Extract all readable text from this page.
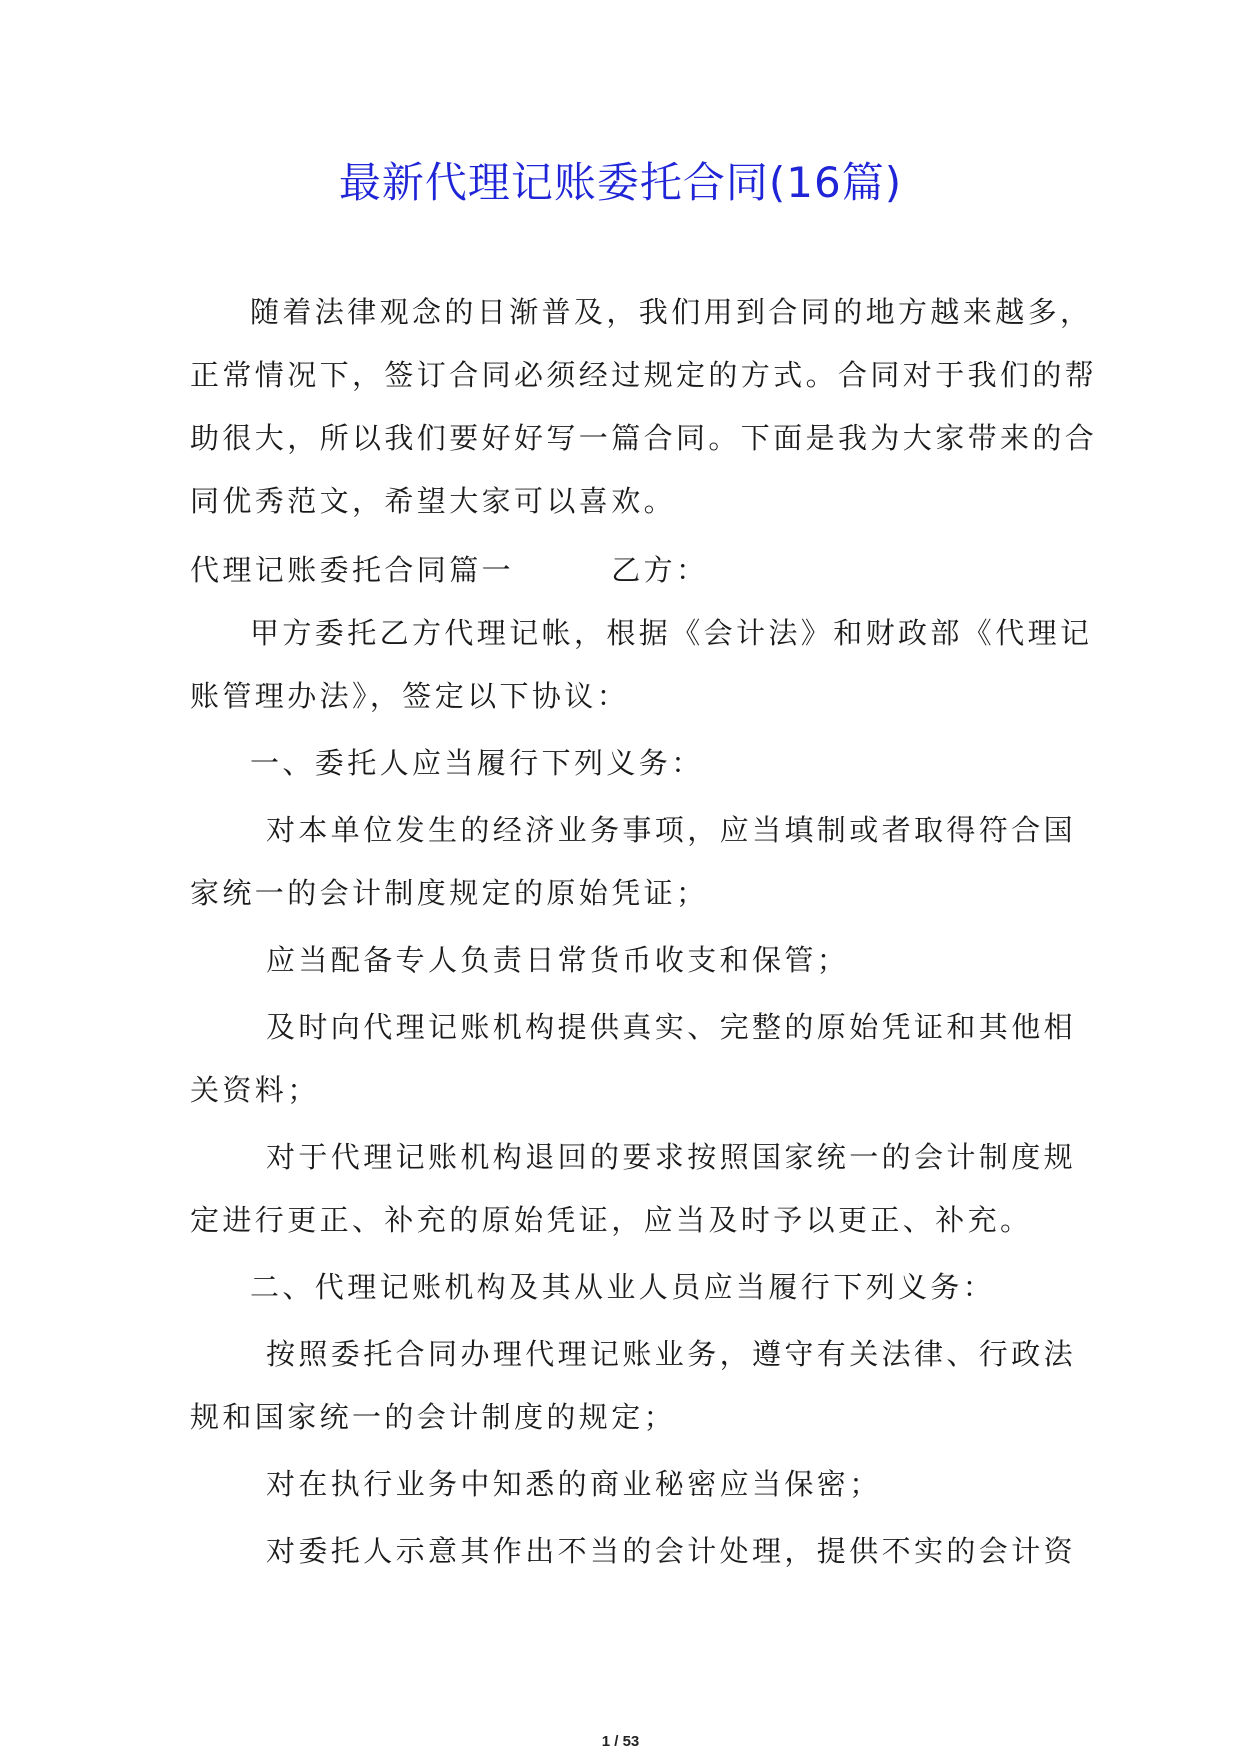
最新代理记账委托合同(16篇)
随着法律观念的日渐普及，我们用到合同的地方越来越多，
正常情况下，签订合同必须经过规定的方式。合同对于我们的帮
助很大，所以我们要好好写一篇合同。下面是我为大家带来的合
同优秀范文，希望大家可以喜欢。
代理记账委托合同篇一　　　乙方：
甲方委托乙方代理记帐，根据《会计法》和财政部《代理记
账管理办法》，签定以下协议：
一、委托人应当履行下列义务：
对本单位发生的经济业务事项，应当填制或者取得符合国
家统一的会计制度规定的原始凭证；
应当配备专人负责日常货币收支和保管；
及时向代理记账机构提供真实、完整的原始凭证和其他相
关资料；
对于代理记账机构退回的要求按照国家统一的会计制度规
定进行更正、补充的原始凭证，应当及时予以更正、补充。
二、代理记账机构及其从业人员应当履行下列义务：
按照委托合同办理代理记账业务，遵守有关法律、行政法
规和国家统一的会计制度的规定；
对在执行业务中知悉的商业秘密应当保密；
对委托人示意其作出不当的会计处理，提供不实的会计资
1 / 53
